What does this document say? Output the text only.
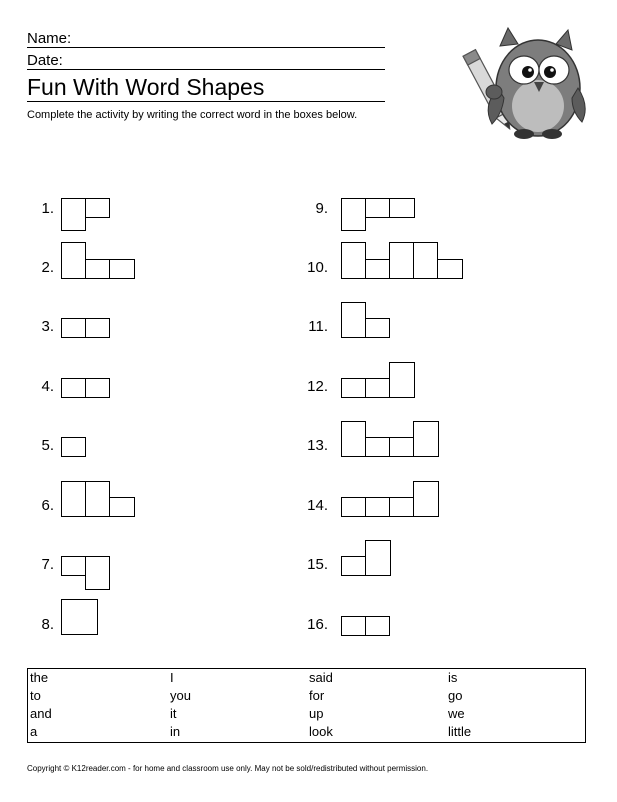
Name:
Date:
Fun With Word Shapes
Complete the activity by writing the correct word in the boxes below.
1.
2.
3.
4.
5.
6.
7.
8.
9.
10.
11.
12.
13.
14.
15.
16.
the	I	said	is
to	you	for	go
and	it	up	we
a	in	look	little
Copyright © K12reader.com - for home and classroom use only. May not be sold/redistributed without permission.
